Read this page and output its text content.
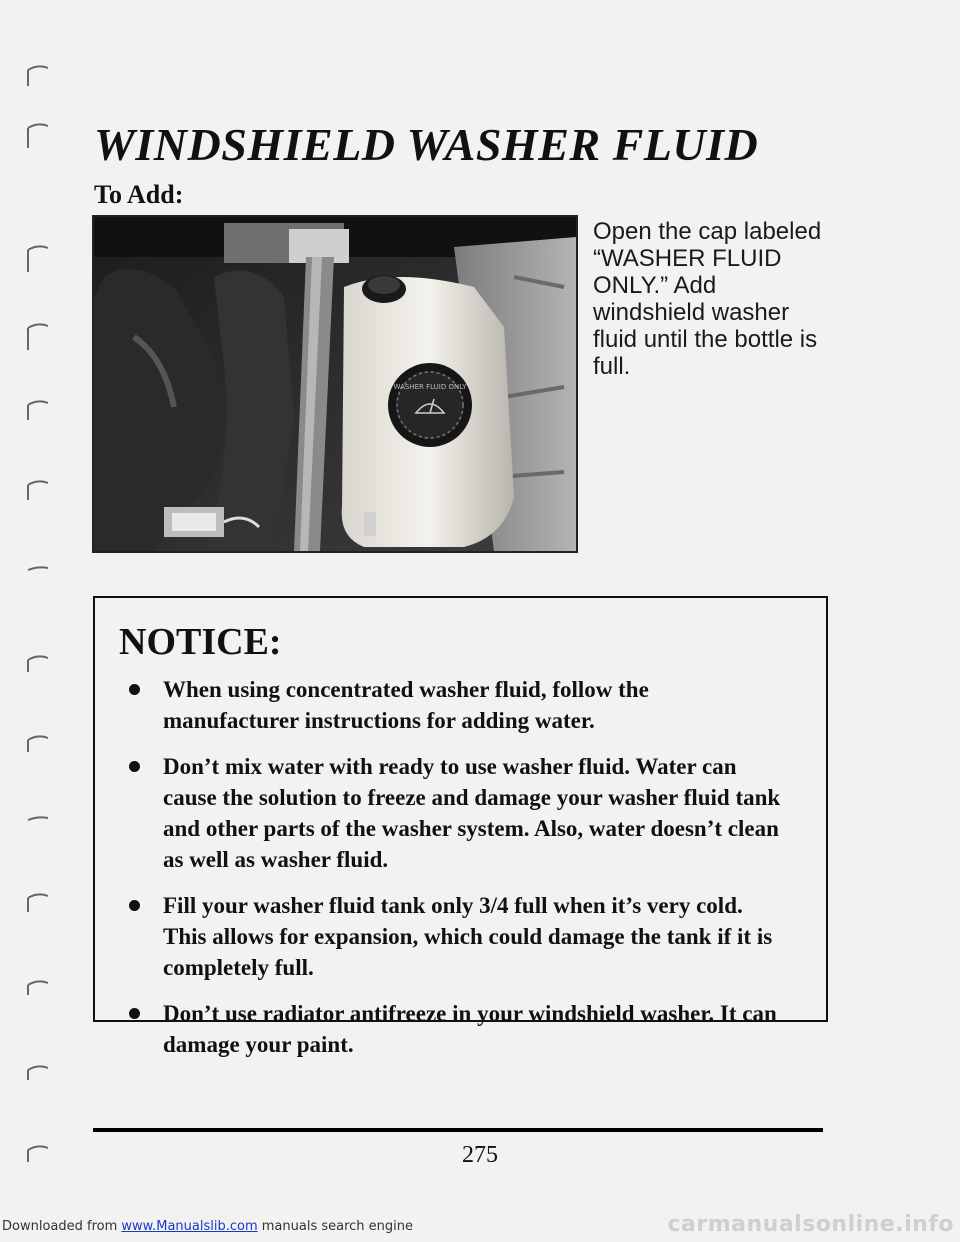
WINDSHIELD WASHER FLUID
To Add:
WASHER FLUID ONLY

Open the cap labeled “WASHER FLUID ONLY.” Add windshield washer fluid until the bottle is full.

NOTICE:
When using concentrated washer fluid, follow the manufacturer instructions for adding water.
Don’t mix water with ready to use washer fluid. Water can cause the solution to freeze and damage your washer fluid tank and other parts of the washer system. Also, water doesn’t clean as well as washer fluid.
Fill your washer fluid tank only 3/4 full when it’s very cold. This allows for expansion, which could damage the tank if it is completely full.
Don’t use radiator antifreeze in your windshield washer. It can damage your paint.
275

Downloaded from www.Manualslib.com manuals search engine	carmanualsonline.info
